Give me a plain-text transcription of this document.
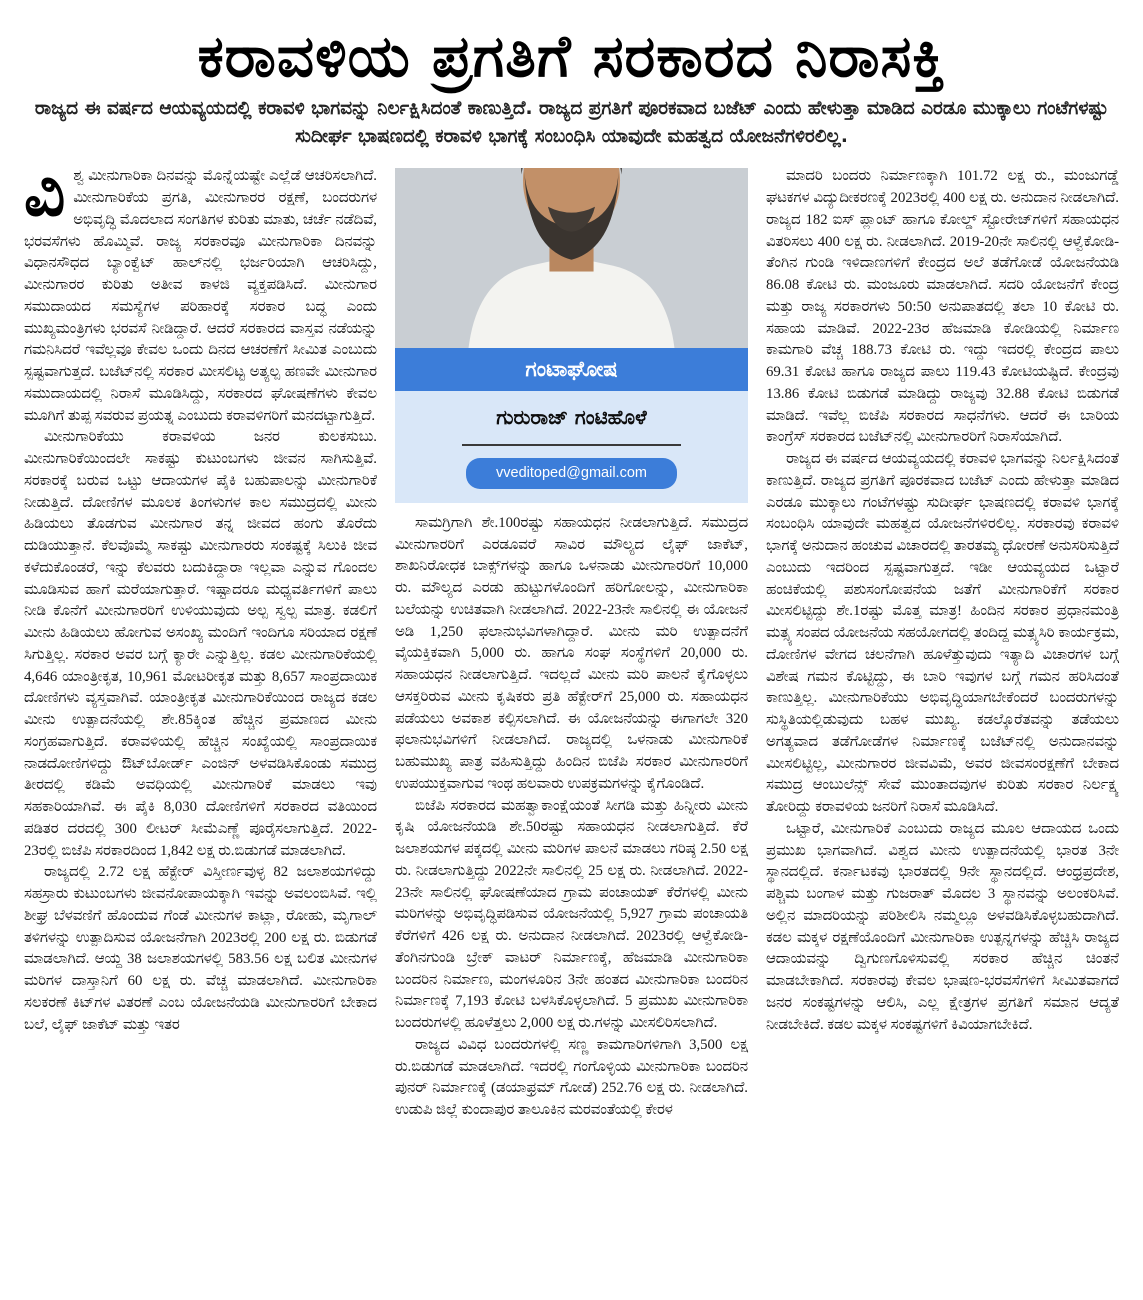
ಕರಾವಳಿಯ ಪ್ರಗತಿಗೆ ಸರಕಾರದ ನಿರಾಸಕ್ತಿ

ರಾಜ್ಯದ ಈ ವರ್ಷದ ಆಯವ್ಯಯದಲ್ಲಿ ಕರಾವಳಿ ಭಾಗವನ್ನು ನಿರ್ಲಕ್ಷಿಸಿದಂತೆ ಕಾಣುತ್ತಿದೆ. ರಾಜ್ಯದ ಪ್ರಗತಿಗೆ ಪೂರಕವಾದ ಬಜೆಟ್ ಎಂದು ಹೇಳುತ್ತಾ ಮಾಡಿದ ಎರಡೂ ಮುಕ್ಕಾಲು ಗಂಟೆಗಳಷ್ಟು ಸುದೀರ್ಘ ಭಾಷಣದಲ್ಲಿ ಕರಾವಳಿ ಭಾಗಕ್ಕೆ ಸಂಬಂಧಿಸಿ ಯಾವುದೇ ಮಹತ್ವದ ಯೋಜನೆಗಳಿರಲಿಲ್ಲ.

ವಿಶ್ವ ಮೀನುಗಾರಿಕಾ ದಿನವನ್ನು ಮೊನ್ನೆಯಷ್ಟೇ ಎಲ್ಲೆಡೆ ಆಚರಿಸಲಾಗಿದೆ. ಮೀನುಗಾರಿಕೆಯ ಪ್ರಗತಿ, ಮೀನುಗಾರರ ರಕ್ಷಣೆ, ಬಂದರುಗಳ ಅಭಿವೃದ್ಧಿ ಮೊದಲಾದ ಸಂಗತಿಗಳ ಕುರಿತು ಮಾತು, ಚರ್ಚೆ ನಡೆದಿವೆ, ಭರವಸೆಗಳು ಹೊಮ್ಮಿವೆ. ರಾಜ್ಯ ಸರಕಾರವೂ ಮೀನುಗಾರಿಕಾ ದಿನವನ್ನು ವಿಧಾನಸೌಧದ ಬ್ಯಾಂಕ್ವೆಟ್ ಹಾಲ್‌ನಲ್ಲಿ ಭರ್ಜರಿಯಾಗಿ ಆಚರಿಸಿದ್ದು, ಮೀನುಗಾರರ ಕುರಿತು ಅತೀವ ಕಾಳಜಿ ವ್ಯಕ್ತಪಡಿಸಿದೆ. ಮೀನುಗಾರ ಸಮುದಾಯದ ಸಮಸ್ಯೆಗಳ ಪರಿಹಾರಕ್ಕೆ ಸರಕಾರ ಬದ್ಧ ಎಂದು ಮುಖ್ಯಮಂತ್ರಿಗಳು ಭರವಸೆ ನೀಡಿದ್ದಾರೆ. ಆದರೆ ಸರಕಾರದ ವಾಸ್ತವ ನಡೆಯನ್ನು ಗಮನಿಸಿದರೆ ಇವೆಲ್ಲವೂ ಕೇವಲ ಒಂದು ದಿನದ ಆಚರಣೆಗೆ ಸೀಮಿತ ಎಂಬುದು ಸ್ಪಷ್ಟವಾಗುತ್ತದೆ. ಬಜೆಟ್‌ನಲ್ಲಿ ಸರಕಾರ ಮೀಸಲಿಟ್ಟ ಅತ್ಯಲ್ಪ ಹಣವೇ ಮೀನುಗಾರ ಸಮುದಾಯದಲ್ಲಿ ನಿರಾಸೆ ಮೂಡಿಸಿದ್ದು, ಸರಕಾರದ ಘೋಷಣೆಗಳು ಕೇವಲ ಮೂಗಿಗೆ ತುಪ್ಪ ಸವರುವ ಪ್ರಯತ್ನ ಎಂಬುದು ಕರಾವಳಿಗರಿಗೆ ಮನದಟ್ಟಾಗುತ್ತಿದೆ.

ಮೀನುಗಾರಿಕೆಯು ಕರಾವಳಿಯ ಜನರ ಕುಲಕಸುಬು. ಮೀನುಗಾರಿಕೆಯಿಂದಲೇ ಸಾಕಷ್ಟು ಕುಟುಂಬಗಳು ಜೀವನ ಸಾಗಿಸುತ್ತಿವೆ. ಸರಕಾರಕ್ಕೆ ಬರುವ ಒಟ್ಟು ಆದಾಯಗಳ ಪೈಕಿ ಬಹುಪಾಲನ್ನು ಮೀನುಗಾರಿಕೆ ನೀಡುತ್ತಿದೆ. ದೋಣಿಗಳ ಮೂಲಕ ತಿಂಗಳುಗಳ ಕಾಲ ಸಮುದ್ರದಲ್ಲಿ ಮೀನು ಹಿಡಿಯಲು ತೊಡಗುವ ಮೀನುಗಾರ ತನ್ನ ಜೀವದ ಹಂಗು ತೊರೆದು ದುಡಿಯುತ್ತಾನೆ. ಕೆಲವೊಮ್ಮೆ ಸಾಕಷ್ಟು ಮೀನುಗಾರರು ಸಂಕಷ್ಟಕ್ಕೆ ಸಿಲುಕಿ ಜೀವ ಕಳೆದುಕೊಂಡರೆ, ಇನ್ನು ಕೆಲವರು ಬದುಕಿದ್ದಾರಾ ಇಲ್ಲವಾ ಎನ್ನುವ ಗೊಂದಲ ಮೂಡಿಸುವ ಹಾಗೆ ಮರೆಯಾಗುತ್ತಾರೆ. ಇಷ್ಟಾದರೂ ಮಧ್ಯವರ್ತಿಗಳಿಗೆ ಪಾಲು ನೀಡಿ ಕೊನೆಗೆ ಮೀನುಗಾರರಿಗೆ ಉಳಿಯುವುದು ಅಲ್ಪ ಸ್ವಲ್ಪ ಮಾತ್ರ. ಕಡಲಿಗೆ ಮೀನು ಹಿಡಿಯಲು ಹೋಗುವ ಅಸಂಖ್ಯ ಮಂದಿಗೆ ಇಂದಿಗೂ ಸರಿಯಾದ ರಕ್ಷಣೆ ಸಿಗುತ್ತಿಲ್ಲ. ಸರಕಾರ ಅವರ ಬಗ್ಗೆ ಕ್ಯಾರೇ ಎನ್ನುತ್ತಿಲ್ಲ. ಕಡಲ ಮೀನುಗಾರಿಕೆಯಲ್ಲಿ 4,646 ಯಾಂತ್ರೀಕೃತ, 10,961 ಮೋಟರೀಕೃತ ಮತ್ತು 8,657 ಸಾಂಪ್ರದಾಯಿಕ ದೋಣಿಗಳು ವ್ಯಸ್ತವಾಗಿವೆ. ಯಾಂತ್ರೀಕೃತ ಮೀನುಗಾರಿಕೆಯಿಂದ ರಾಜ್ಯದ ಕಡಲ ಮೀನು ಉತ್ಪಾದನೆಯಲ್ಲಿ ಶೇ.85ಕ್ಕಿಂತ ಹೆಚ್ಚಿನ ಪ್ರಮಾಣದ ಮೀನು ಸಂಗ್ರಹವಾಗುತ್ತಿದೆ. ಕರಾವಳಿಯಲ್ಲಿ ಹೆಚ್ಚಿನ ಸಂಖ್ಯೆಯಲ್ಲಿ ಸಾಂಪ್ರದಾಯಿಕ ನಾಡದೋಣಿಗಳಿದ್ದು ಔಟ್‌ಬೋರ್ಡ್ ಎಂಜಿನ್ ಅಳವಡಿಸಿಕೊಂಡು ಸಮುದ್ರ ತೀರದಲ್ಲಿ ಕಡಿಮೆ ಅವಧಿಯಲ್ಲಿ ಮೀನುಗಾರಿಕೆ ಮಾಡಲು ಇವು ಸಹಕಾರಿಯಾಗಿವೆ. ಈ ಪೈಕಿ 8,030 ದೋಣಿಗಳಿಗೆ ಸರಕಾರದ ವತಿಯಿಂದ ಪಡಿತರ ದರದಲ್ಲಿ 300 ಲೀಟರ್ ಸೀಮೆಎಣ್ಣೆ ಪೂರೈಸಲಾಗುತ್ತಿದೆ. 2022-23ರಲ್ಲಿ ಬಿಜೆಪಿ ಸರಕಾರದಿಂದ 1,842 ಲಕ್ಷ ರು.ಬಿಡುಗಡೆ ಮಾಡಲಾಗಿದೆ.

ರಾಜ್ಯದಲ್ಲಿ 2.72 ಲಕ್ಷ ಹೆಕ್ಟೇರ್ ವಿಸ್ತೀರ್ಣವುಳ್ಳ 82 ಜಲಾಶಯಗಳಿದ್ದು ಸಹಸ್ರಾರು ಕುಟುಂಬಗಳು ಜೀವನೋಪಾಯಕ್ಕಾಗಿ ಇವನ್ನು ಅವಲಂಬಿಸಿವೆ. ಇಲ್ಲಿ ಶೀಘ್ರ ಬೆಳವಣಿಗೆ ಹೊಂದುವ ಗೆಂಡೆ ಮೀನುಗಳ ಕಾಟ್ಲಾ, ರೋಹು, ಮೃಗಾಲ್ ತಳಿಗಳನ್ನು ಉತ್ಪಾದಿಸುವ ಯೋಜನೆಗಾಗಿ 2023ರಲ್ಲಿ 200 ಲಕ್ಷ ರು. ಬಿಡುಗಡೆ ಮಾಡಲಾಗಿದೆ. ಆಯ್ದ 38 ಜಲಾಶಯಗಳಲ್ಲಿ 583.56 ಲಕ್ಷ ಬಲಿತ ಮೀನುಗಳ ಮರಿಗಳ ದಾಸ್ತಾನಿಗೆ 60 ಲಕ್ಷ ರು. ವೆಚ್ಚ ಮಾಡಲಾಗಿದೆ. ಮೀನುಗಾರಿಕಾ ಸಲಕರಣೆ ಕಿಟ್‌ಗಳ ವಿತರಣೆ ಎಂಬ ಯೋಜನೆಯಡಿ ಮೀನುಗಾರರಿಗೆ ಬೇಕಾದ ಬಲೆ, ಲೈಫ್ ಜಾಕೆಟ್ ಮತ್ತು ಇತರ

ಗಂಟಾಘೋಷ
ಗುರುರಾಜ್ ಗಂಟಿಹೊಳೆ
vveditoped@gmail.com

ಸಾಮಗ್ರಿಗಾಗಿ ಶೇ.100ರಷ್ಟು ಸಹಾಯಧನ ನೀಡಲಾಗುತ್ತಿದೆ. ಸಮುದ್ರದ ಮೀನುಗಾರರಿಗೆ ಎರಡೂವರೆ ಸಾವಿರ ಮೌಲ್ಯದ ಲೈಫ್ ಜಾಕೆಟ್, ಶಾಖನಿರೋಧಕ ಬಾಕ್ಸ್‌ಗಳನ್ನು ಹಾಗೂ ಒಳನಾಡು ಮೀನುಗಾರರಿಗೆ 10,000 ರು. ಮೌಲ್ಯದ ಎರಡು ಹುಟ್ಟುಗಳೊಂದಿಗೆ ಹರಿಗೋಲನ್ನು, ಮೀನುಗಾರಿಕಾ ಬಲೆಯನ್ನು ಉಚಿತವಾಗಿ ನೀಡಲಾಗಿದೆ. 2022-23ನೇ ಸಾಲಿನಲ್ಲಿ ಈ ಯೋಜನೆ ಅಡಿ 1,250 ಫಲಾನುಭವಿಗಳಾಗಿದ್ದಾರೆ. ಮೀನು ಮರಿ ಉತ್ಪಾದನೆಗೆ ವೈಯಕ್ತಿಕವಾಗಿ 5,000 ರು. ಹಾಗೂ ಸಂಘ ಸಂಸ್ಥೆಗಳಿಗೆ 20,000 ರು. ಸಹಾಯಧನ ನೀಡಲಾಗುತ್ತಿದೆ. ಇದಲ್ಲದೆ ಮೀನು ಮರಿ ಪಾಲನೆ ಕೈಗೊಳ್ಳಲು ಆಸಕ್ತರಿರುವ ಮೀನು ಕೃಷಿಕರು ಪ್ರತಿ ಹೆಕ್ಟೇರ್‌ಗೆ 25,000 ರು. ಸಹಾಯಧನ ಪಡೆಯಲು ಅವಕಾಶ ಕಲ್ಪಿಸಲಾಗಿದೆ. ಈ ಯೋಜನೆಯನ್ನು ಈಗಾಗಲೇ 320 ಫಲಾನುಭವಿಗಳಿಗೆ ನೀಡಲಾಗಿದೆ. ರಾಜ್ಯದಲ್ಲಿ ಒಳನಾಡು ಮೀನುಗಾರಿಕೆ ಬಹುಮುಖ್ಯ ಪಾತ್ರ ವಹಿಸುತ್ತಿದ್ದು ಹಿಂದಿನ ಬಿಜೆಪಿ ಸರಕಾರ ಮೀನುಗಾರರಿಗೆ ಉಪಯುಕ್ತವಾಗುವ ಇಂಥ ಹಲವಾರು ಉಪಕ್ರಮಗಳನ್ನು ಕೈಗೊಂಡಿದೆ.

ಬಿಜೆಪಿ ಸರಕಾರದ ಮಹತ್ವಾಕಾಂಕ್ಷೆಯಂತೆ ಸೀಗಡಿ ಮತ್ತು ಹಿನ್ನೀರು ಮೀನು ಕೃಷಿ ಯೋಜನೆಯಡಿ ಶೇ.50ರಷ್ಟು ಸಹಾಯಧನ ನೀಡಲಾಗುತ್ತಿದೆ. ಕೆರೆ ಜಲಾಶಯಗಳ ಪಕ್ಕದಲ್ಲಿ ಮೀನು ಮರಿಗಳ ಪಾಲನೆ ಮಾಡಲು ಗರಿಷ್ಠ 2.50 ಲಕ್ಷ ರು. ನೀಡಲಾಗುತ್ತಿದ್ದು 2022ನೇ ಸಾಲಿನಲ್ಲಿ 25 ಲಕ್ಷ ರು. ನೀಡಲಾಗಿದೆ. 2022-23ನೇ ಸಾಲಿನಲ್ಲಿ ಘೋಷಣೆಯಾದ ಗ್ರಾಮ ಪಂಚಾಯತ್ ಕೆರೆಗಳಲ್ಲಿ ಮೀನು ಮರಿಗಳನ್ನು ಅಭಿವೃದ್ಧಿಪಡಿಸುವ ಯೋಜನೆಯಲ್ಲಿ 5,927 ಗ್ರಾಮ ಪಂಚಾಯತಿ ಕೆರೆಗಳಿಗೆ 426 ಲಕ್ಷ ರು. ಅನುದಾನ ನೀಡಲಾಗಿದೆ. 2023ರಲ್ಲಿ ಆಳ್ವೆಕೋಡಿ-ತೆಂಗಿನಗುಂಡಿ ಬ್ರೇಕ್ ವಾಟರ್ ನಿರ್ಮಾಣಕ್ಕೆ, ಹೆಜಮಾಡಿ ಮೀನುಗಾರಿಕಾ ಬಂದರಿನ ನಿರ್ಮಾಣ, ಮಂಗಳೂರಿನ 3ನೇ ಹಂತದ ಮೀನುಗಾರಿಕಾ ಬಂದರಿನ ನಿರ್ಮಾಣಕ್ಕೆ 7,193 ಕೋಟಿ ಬಳಸಿಕೊಳ್ಳಲಾಗಿದೆ. 5 ಪ್ರಮುಖ ಮೀನುಗಾರಿಕಾ ಬಂದರುಗಳಲ್ಲಿ ಹೂಳೆತ್ತಲು 2,000 ಲಕ್ಷ ರು.ಗಳನ್ನು ಮೀಸಲಿರಿಸಲಾಗಿದೆ.

ರಾಜ್ಯದ ವಿವಿಧ ಬಂದರುಗಳಲ್ಲಿ ಸಣ್ಣ ಕಾಮಗಾರಿಗಳಿಗಾಗಿ 3,500 ಲಕ್ಷ ರು.ಬಿಡುಗಡೆ ಮಾಡಲಾಗಿದೆ. ಇದರಲ್ಲಿ ಗಂಗೊಳ್ಳಿಯ ಮೀನುಗಾರಿಕಾ ಬಂದರಿನ ಪುನರ್ ನಿರ್ಮಾಣಕ್ಕೆ (ಡಯಾಫ್ರಮ್ ಗೋಡೆ) 252.76 ಲಕ್ಷ ರು. ನೀಡಲಾಗಿದೆ. ಉಡುಪಿ ಜಿಲ್ಲೆ ಕುಂದಾಪುರ ತಾಲೂಕಿನ ಮರವಂತೆಯಲ್ಲಿ ಕೇರಳ

ಮಾದರಿ ಬಂದರು ನಿರ್ಮಾಣಕ್ಕಾಗಿ 101.72 ಲಕ್ಷ ರು., ಮಂಜುಗಡ್ಡೆ ಘಟಕಗಳ ವಿದ್ಯುದೀಕರಣಕ್ಕೆ 2023ರಲ್ಲಿ 400 ಲಕ್ಷ ರು. ಅನುದಾನ ನೀಡಲಾಗಿದೆ. ರಾಜ್ಯದ 182 ಐಸ್ ಪ್ಲಾಂಟ್ ಹಾಗೂ ಕೋಲ್ಡ್ ಸ್ಟೋರೇಜ್‌ಗಳಿಗೆ ಸಹಾಯಧನ ವಿತರಿಸಲು 400 ಲಕ್ಷ ರು. ನೀಡಲಾಗಿದೆ. 2019-20ನೇ ಸಾಲಿನಲ್ಲಿ ಆಳ್ವೆಕೋಡಿ-ತೆಂಗಿನ ಗುಂಡಿ ಇಳಿದಾಣಗಳಿಗೆ ಕೇಂದ್ರದ ಅಲೆ ತಡೆಗೋಡೆ ಯೋಜನೆಯಡಿ 86.08 ಕೋಟಿ ರು. ಮಂಜೂರು ಮಾಡಲಾಗಿದೆ. ಸದರಿ ಯೋಜನೆಗೆ ಕೇಂದ್ರ ಮತ್ತು ರಾಜ್ಯ ಸರಕಾರಗಳು 50:50 ಅನುಪಾತದಲ್ಲಿ ತಲಾ 10 ಕೋಟಿ ರು. ಸಹಾಯ ಮಾಡಿವೆ. 2022-23ರ ಹೆಜಮಾಡಿ ಕೋಡಿಯಲ್ಲಿ ನಿರ್ಮಾಣ ಕಾಮಗಾರಿ ವೆಚ್ಚ 188.73 ಕೋಟಿ ರು. ಇದ್ದು ಇದರಲ್ಲಿ ಕೇಂದ್ರದ ಪಾಲು 69.31 ಕೋಟಿ ಹಾಗೂ ರಾಜ್ಯದ ಪಾಲು 119.43 ಕೋಟಿಯಷ್ಟಿದೆ. ಕೇಂದ್ರವು 13.86 ಕೋಟಿ ಬಿಡುಗಡೆ ಮಾಡಿದ್ದು ರಾಜ್ಯವು 32.88 ಕೋಟಿ ಬಿಡುಗಡೆ ಮಾಡಿದೆ. ಇವೆಲ್ಲ ಬಿಜೆಪಿ ಸರಕಾರದ ಸಾಧನೆಗಳು. ಆದರೆ ಈ ಬಾರಿಯ ಕಾಂಗ್ರೆಸ್ ಸರಕಾರದ ಬಜೆಟ್‌ನಲ್ಲಿ ಮೀನುಗಾರರಿಗೆ ನಿರಾಸೆಯಾಗಿದೆ.

ರಾಜ್ಯದ ಈ ವರ್ಷದ ಆಯವ್ಯಯದಲ್ಲಿ ಕರಾವಳಿ ಭಾಗವನ್ನು ನಿರ್ಲಕ್ಷಿಸಿದಂತೆ ಕಾಣುತ್ತಿದೆ. ರಾಜ್ಯದ ಪ್ರಗತಿಗೆ ಪೂರಕವಾದ ಬಜೆಟ್ ಎಂದು ಹೇಳುತ್ತಾ ಮಾಡಿದ ಎರಡೂ ಮುಕ್ಕಾಲು ಗಂಟೆಗಳಷ್ಟು ಸುದೀರ್ಘ ಭಾಷಣದಲ್ಲಿ ಕರಾವಳಿ ಭಾಗಕ್ಕೆ ಸಂಬಂಧಿಸಿ ಯಾವುದೇ ಮಹತ್ವದ ಯೋಜನೆಗಳಿರಲಿಲ್ಲ. ಸರಕಾರವು ಕರಾವಳಿ ಭಾಗಕ್ಕೆ ಅನುದಾನ ಹಂಚುವ ವಿಚಾರದಲ್ಲಿ ತಾರತಮ್ಯ ಧೋರಣೆ ಅನುಸರಿಸುತ್ತಿದೆ ಎಂಬುದು ಇದರಿಂದ ಸ್ಪಷ್ಟವಾಗುತ್ತದೆ. ಇಡೀ ಆಯವ್ಯಯದ ಒಟ್ಟಾರೆ ಹಂಚಿಕೆಯಲ್ಲಿ ಪಶುಸಂಗೋಪನೆಯ ಜತೆಗೆ ಮೀನುಗಾರಿಕೆಗೆ ಸರಕಾರ ಮೀಸಲಿಟ್ಟಿದ್ದು ಶೇ.1ರಷ್ಟು ಮೊತ್ತ ಮಾತ್ರ! ಹಿಂದಿನ ಸರಕಾರ ಪ್ರಧಾನಮಂತ್ರಿ ಮತ್ಸ್ಯ ಸಂಪದ ಯೋಜನೆಯ ಸಹಯೋಗದಲ್ಲಿ ತಂದಿದ್ದ ಮತ್ಸ್ಯಸಿರಿ ಕಾರ್ಯಕ್ರಮ, ದೋಣಿಗಳ ವೇಗದ ಚಲನೆಗಾಗಿ ಹೂಳೆತ್ತುವುದು ಇತ್ಯಾದಿ ವಿಚಾರಗಳ ಬಗ್ಗೆ ವಿಶೇಷ ಗಮನ ಕೊಟ್ಟಿದ್ದು, ಈ ಬಾರಿ ಇವುಗಳ ಬಗ್ಗೆ ಗಮನ ಹರಿಸಿದಂತೆ ಕಾಣುತ್ತಿಲ್ಲ. ಮೀನುಗಾರಿಕೆಯು ಅಭಿವೃದ್ಧಿಯಾಗಬೇಕೆಂದರೆ ಬಂದರುಗಳನ್ನು ಸುಸ್ಥಿತಿಯಲ್ಲಿಡುವುದು ಬಹಳ ಮುಖ್ಯ. ಕಡಲ್ಕೊರೆತವನ್ನು ತಡೆಯಲು ಅಗತ್ಯವಾದ ತಡೆಗೋಡೆಗಳ ನಿರ್ಮಾಣಕ್ಕೆ ಬಜೆಟ್‌ನಲ್ಲಿ ಅನುದಾನವನ್ನು ಮೀಸಲಿಟ್ಟಿಲ್ಲ, ಮೀನುಗಾರರ ಜೀವವಿಮೆ, ಅವರ ಜೀವಸಂರಕ್ಷಣೆಗೆ ಬೇಕಾದ ಸಮುದ್ರ ಆಂಬುಲೆನ್ಸ್ ಸೇವೆ ಮುಂತಾದವುಗಳ ಕುರಿತು ಸರಕಾರ ನಿರ್ಲಕ್ಷ್ಯ ತೋರಿದ್ದು ಕರಾವಳಿಯ ಜನರಿಗೆ ನಿರಾಸೆ ಮೂಡಿಸಿದೆ.

ಒಟ್ಟಾರೆ, ಮೀನುಗಾರಿಕೆ ಎಂಬುದು ರಾಜ್ಯದ ಮೂಲ ಆದಾಯದ ಒಂದು ಪ್ರಮುಖ ಭಾಗವಾಗಿದೆ. ವಿಶ್ವದ ಮೀನು ಉತ್ಪಾದನೆಯಲ್ಲಿ ಭಾರತ 3ನೇ ಸ್ಥಾನದಲ್ಲಿದೆ. ಕರ್ನಾಟಕವು ಭಾರತದಲ್ಲಿ 9ನೇ ಸ್ಥಾನದಲ್ಲಿದೆ. ಆಂಧ್ರಪ್ರದೇಶ, ಪಶ್ಚಿಮ ಬಂಗಾಳ ಮತ್ತು ಗುಜರಾತ್ ಮೊದಲ 3 ಸ್ಥಾನವನ್ನು ಅಲಂಕರಿಸಿವೆ. ಅಲ್ಲಿನ ಮಾದರಿಯನ್ನು ಪರಿಶೀಲಿಸಿ ನಮ್ಮಲ್ಲೂ ಅಳವಡಿಸಿಕೊಳ್ಳಬಹುದಾಗಿದೆ. ಕಡಲ ಮಕ್ಕಳ ರಕ್ಷಣೆಯೊಂದಿಗೆ ಮೀನುಗಾರಿಕಾ ಉತ್ಪನ್ನಗಳನ್ನು ಹೆಚ್ಚಿಸಿ ರಾಜ್ಯದ ಆದಾಯವನ್ನು ದ್ವಿಗುಣಗೊಳಿಸುವಲ್ಲಿ ಸರಕಾರ ಹೆಚ್ಚಿನ ಚಿಂತನೆ ಮಾಡಬೇಕಾಗಿದೆ. ಸರಕಾರವು ಕೇವಲ ಭಾಷಣ-ಭರವಸೆಗಳಿಗೆ ಸೀಮಿತವಾಗದೆ ಜನರ ಸಂಕಷ್ಟಗಳನ್ನು ಆಲಿಸಿ, ಎಲ್ಲ ಕ್ಷೇತ್ರಗಳ ಪ್ರಗತಿಗೆ ಸಮಾನ ಆದ್ಯತೆ ನೀಡಬೇಕಿದೆ. ಕಡಲ ಮಕ್ಕಳ ಸಂಕಷ್ಟಗಳಿಗೆ ಕಿವಿಯಾಗಬೇಕಿದೆ.
